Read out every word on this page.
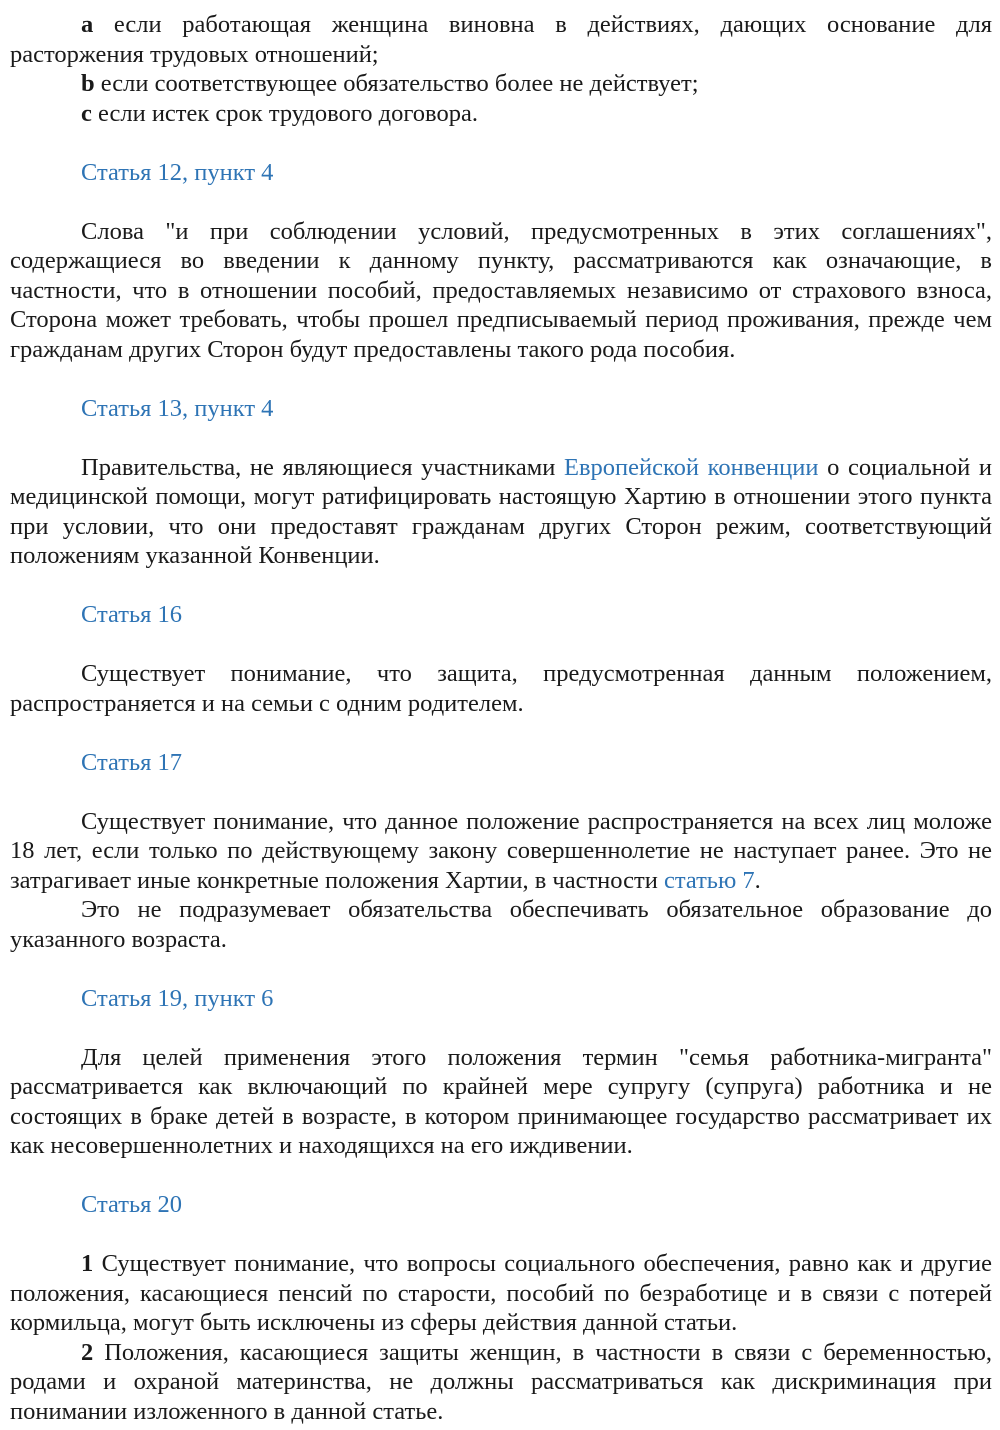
a если работающая женщина виновна в действиях, дающих основание для расторжения трудовых отношений;

b если соответствующее обязательство более не действует;

c если истек срок трудового договора.

Статья 12, пункт 4

Слова "и при соблюдении условий, предусмотренных в этих соглашениях", содержащиеся во введении к данному пункту, рассматриваются как означающие, в частности, что в отношении пособий, предоставляемых независимо от страхового взноса, Сторона может требовать, чтобы прошел предписываемый период проживания, прежде чем гражданам других Сторон будут предоставлены такого рода пособия.

Статья 13, пункт 4

Правительства, не являющиеся участниками Европейской конвенции о социальной и медицинской помощи, могут ратифицировать настоящую Хартию в отношении этого пункта при условии, что они предоставят гражданам других Сторон режим, соответствующий положениям указанной Конвенции.

Статья 16

Существует понимание, что защита, предусмотренная данным положением, распространяется и на семьи с одним родителем.

Статья 17

Существует понимание, что данное положение распространяется на всех лиц моложе 18 лет, если только по действующему закону совершеннолетие не наступает ранее. Это не затрагивает иные конкретные положения Хартии, в частности статью 7.

Это не подразумевает обязательства обеспечивать обязательное образование до указанного возраста.

Статья 19, пункт 6

Для целей применения этого положения термин "семья работника-мигранта" рассматривается как включающий по крайней мере супругу (супруга) работника и не состоящих в браке детей в возрасте, в котором принимающее государство рассматривает их как несовершеннолетних и находящихся на его иждивении.

Статья 20

1 Существует понимание, что вопросы социального обеспечения, равно как и другие положения, касающиеся пенсий по старости, пособий по безработице и в связи с потерей кормильца, могут быть исключены из сферы действия данной статьи.

2 Положения, касающиеся защиты женщин, в частности в связи с беременностью, родами и охраной материнства, не должны рассматриваться как дискриминация при понимании изложенного в данной статье.
